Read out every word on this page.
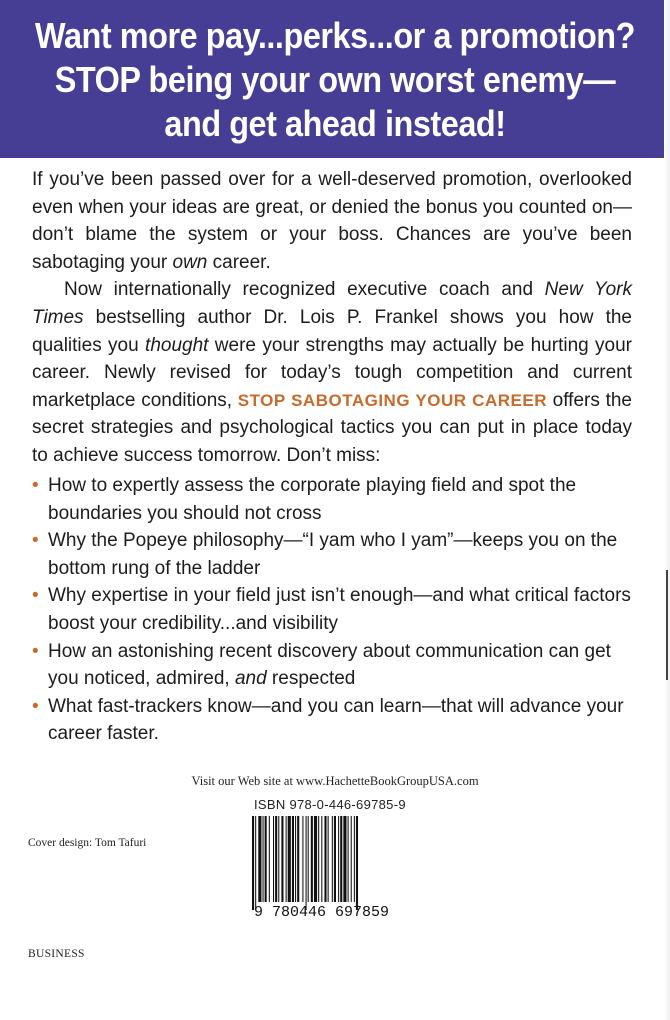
Want more pay...perks...or a promotion?
STOP being your own worst enemy—
and get ahead instead!

If you’ve been passed over for a well-deserved promotion, overlooked even when your ideas are great, or denied the bonus you counted on—don’t blame the system or your boss. Chances are you’ve been sabotaging your own career.

Now internationally recognized executive coach and New York Times bestselling author Dr. Lois P. Frankel shows you how the qualities you thought were your strengths may actually be hurting your career. Newly revised for today’s tough competition and current marketplace conditions, STOP SABOTAGING YOUR CAREER offers the secret strategies and psychological tactics you can put in place today to achieve success tomorrow. Don’t miss:

• How to expertly assess the corporate playing field and spot the boundaries you should not cross
• Why the Popeye philosophy—“I yam who I yam”—keeps you on the bottom rung of the ladder
• Why expertise in your field just isn’t enough—and what critical factors boost your credibility...and visibility
• How an astonishing recent discovery about communication can get you noticed, admired, and respected
• What fast-trackers know—and you can learn—that will advance your career faster.
Visit our Web site at www.HachetteBookGroupUSA.com
ISBN 978-0-446-69785-9
9 780446 697859
Cover design: Tom Tafuri
BUSINESS
